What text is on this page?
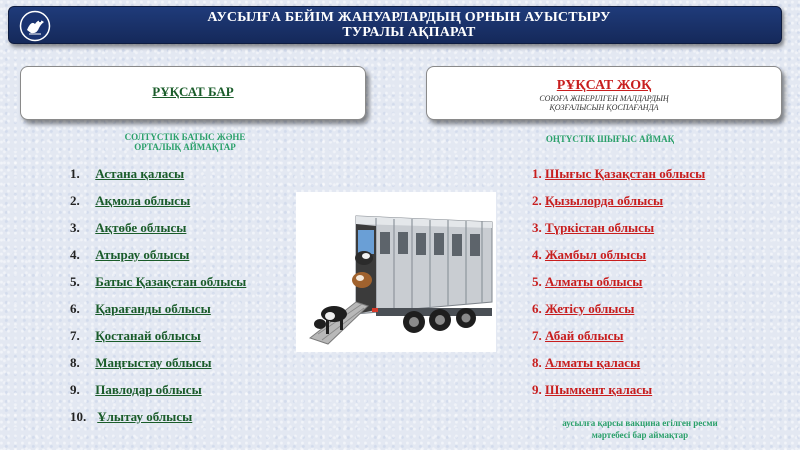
АУСЫЛҒА БЕЙІМ ЖАНУАРЛАРДЫҢ ОРНЫН АУЫСТЫРУ
ТУРАЛЫ АҚПАРАТ
РҰҚСАТ БАР	РҰҚСАТ ЖОҚ
СОЮҒА ЖІБЕРІЛГЕН МАЛДАРДЫҢ
ҚОЗҒАЛЫСЫН ҚОСПАҒАНДА
СОЛТҮСТІК БАТЫС ЖӘНЕ
ОРТАЛЫҚ АЙМАҚТАР
ОҢТҮСТІК ШЫҒЫС АЙМАҚ
1. Астана қаласы
2. Ақмола облысы
3. Ақтөбе облысы
4. Атырау облысы
5. Батыс Қазақстан облысы
6. Қарағанды облысы
7. Қостанай облысы
8. Маңғыстау облысы
9. Павлодар облысы
10. Ұлытау облысы
1. Шығыс Қазақстан облысы
2. Қызылорда облысы
3. Түркістан облысы
4. Жамбыл облысы
5. Алматы облысы
6. Жетісу облысы
7. Абай облысы
8. Алматы қаласы
9. Шымкент қаласы
аусылға қарсы вакцина егілген ресми
мәртебесі бар аймақтар
